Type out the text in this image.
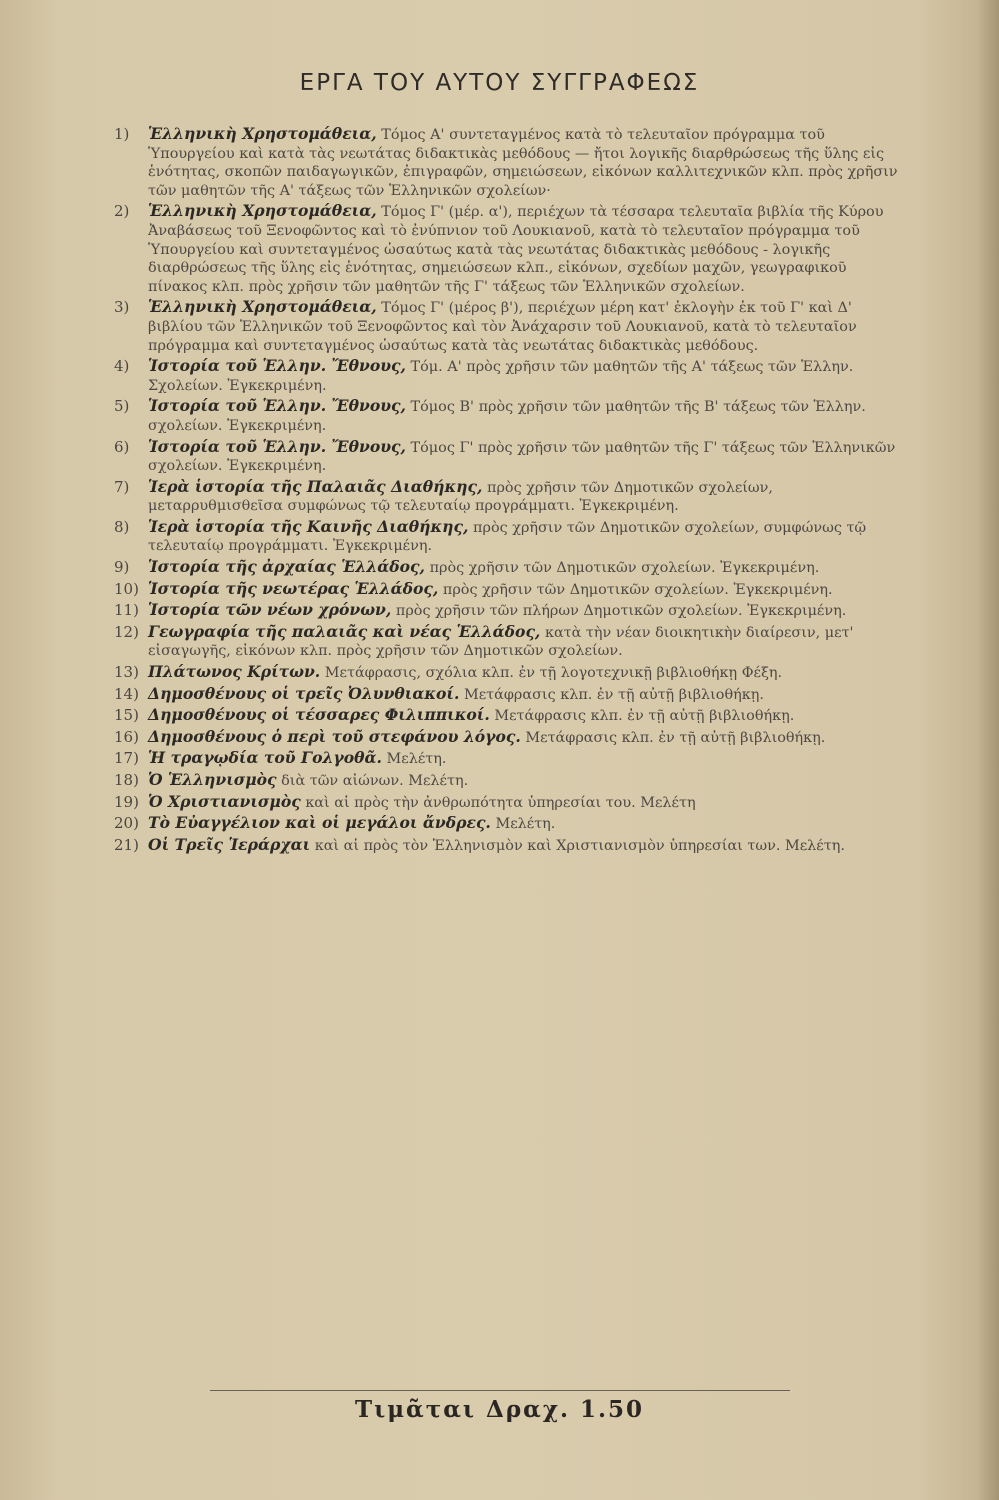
ΕΡΓΑ ΤΟΥ ΑΥΤΟΥ ΣΥΓΓΡΑΦΕΩΣ
1)	Ἑλληνικὴ Χρηστομάθεια, Τόμος Α' συντεταγμένος κατὰ τὸ τελευταῖον πρόγραμμα τοῦ Ὑπουργείου καὶ κατὰ τὰς νεωτάτας διδακτικὰς μεθόδους — ἤτοι λογικῆς διαρθρώσεως τῆς ὕλης εἰς ἑνότητας, σκοπῶν παιδαγωγικῶν, ἐπιγραφῶν, σημειώσεων, εἰκόνων καλλιτεχνικῶν κλπ. πρὸς χρῆσιν τῶν μαθητῶν τῆς Α' τάξεως τῶν Ἑλληνικῶν σχολείων·
2)	Ἑλληνικὴ Χρηστομάθεια, Τόμος Γ' (μέρ. α'), περιέχων τὰ τέσσαρα τελευταῖα βιβλία τῆς Κύρου Ἀναβάσεως τοῦ Ξενοφῶντος καὶ τὸ ἐνύπνιον τοῦ Λουκιανοῦ, κατὰ τὸ τελευταῖον πρόγραμμα τοῦ Ὑπουργείου καὶ συντεταγμένος ὡσαύτως κατὰ τὰς νεωτάτας διδακτικὰς μεθόδους - λογικῆς διαρθρώσεως τῆς ὕλης εἰς ἑνότητας, σημειώσεων κλπ., εἰκόνων, σχεδίων μαχῶν, γεωγραφικοῦ πίνακος κλπ. πρὸς χρῆσιν τῶν μαθητῶν τῆς Γ' τάξεως τῶν Ἑλληνικῶν σχολείων.
3)	Ἑλληνικὴ Χρηστομάθεια, Τόμος Γ' (μέρος β'), περιέχων μέρη κατ' ἐκλογὴν ἐκ τοῦ Γ' καὶ Δ' βιβλίου τῶν Ἑλληνικῶν τοῦ Ξενοφῶντος καὶ τὸν Ἀνάχαρσιν τοῦ Λουκιανοῦ, κατὰ τὸ τελευταῖον πρόγραμμα καὶ συντεταγμένος ὡσαύτως κατὰ τὰς νεωτάτας διδακτικὰς μεθόδους.
4)	Ἱστορία τοῦ Ἑλλην. Ἔθνους, Τόμ. Α' πρὸς χρῆσιν τῶν μαθητῶν τῆς Α' τάξεως τῶν Ἑλλην. Σχολείων. Ἐγκεκριμένη.
5)	Ἱστορία τοῦ Ἑλλην. Ἔθνους, Τόμος Β' πρὸς χρῆσιν τῶν μαθητῶν τῆς Β' τάξεως τῶν Ἑλλην. σχολείων. Ἐγκεκριμένη.
6)	Ἱστορία τοῦ Ἑλλην. Ἔθνους, Τόμος Γ' πρὸς χρῆσιν τῶν μαθητῶν τῆς Γ' τάξεως τῶν Ἑλληνικῶν σχολείων. Ἐγκεκριμένη.
7)	Ἱερὰ ἱστορία τῆς Παλαιᾶς Διαθήκης, πρὸς χρῆσιν τῶν Δημοτικῶν σχολείων, μεταρρυθμισθεῖσα συμφώνως τῷ τελευταίῳ προγράμματι. Ἐγκεκριμένη.
8)	Ἱερὰ ἱστορία τῆς Καινῆς Διαθήκης, πρὸς χρῆσιν τῶν Δημοτικῶν σχολείων, συμφώνως τῷ τελευταίῳ προγράμματι. Ἐγκεκριμένη.
9)	Ἱστορία τῆς ἀρχαίας Ἑλλάδος, πρὸς χρῆσιν τῶν Δημοτικῶν σχολείων. Ἐγκεκριμένη.
10) Ἱστορία τῆς νεωτέρας Ἑλλάδος, πρὸς χρῆσιν τῶν Δημοτικῶν σχολείων. Ἐγκεκριμένη.
11) Ἱστορία τῶν νέων χρόνων, πρὸς χρῆσιν τῶν πλήρων Δημοτικῶν σχολείων. Ἐγκεκριμένη.
12) Γεωγραφία τῆς παλαιᾶς καὶ νέας Ἑλλάδος, κατὰ τὴν νέαν διοικητικὴν διαίρεσιν, μετ' εἰσαγωγῆς, εἰκόνων κλπ. πρὸς χρῆσιν τῶν Δημοτικῶν σχολείων.
13) Πλάτωνος Κρίτων. Μετάφρασις, σχόλια κλπ. ἐν τῇ λογοτεχνικῇ βιβλιοθήκῃ Φέξη.
14) Δημοσθένους οἱ τρεῖς Ὀλυνθιακοί. Μετάφρασις κλπ. ἐν τῇ αὐτῇ βιβλιοθήκῃ.
15) Δημοσθένους οἱ τέσσαρες Φιλιππικοί. Μετάφρασις κλπ. ἐν τῇ αὐτῇ βιβλιοθήκῃ.
16) Δημοσθένους ὁ περὶ τοῦ στεφάνου λόγος. Μετάφρασις κλπ. ἐν τῇ αὐτῇ βιβλιοθήκῃ.
17) Ἡ τραγῳδία τοῦ Γολγοθᾶ. Μελέτη.
18) Ὁ Ἑλληνισμὸς διὰ τῶν αἰώνων. Μελέτη.
19) Ὁ Χριστιανισμὸς καὶ αἱ πρὸς τὴν ἀνθρωπότητα ὑπηρεσίαι του. Μελέτη
20) Τὸ Εὐαγγέλιον καὶ οἱ μεγάλοι ἄνδρες. Μελέτη.
21) Οἱ Τρεῖς Ἱεράρχαι καὶ αἱ πρὸς τὸν Ἑλληνισμὸν καὶ Χριστιανισμὸν ὑπηρεσίαι των. Μελέτη.
Τιμᾶται Δραχ. 1.50
